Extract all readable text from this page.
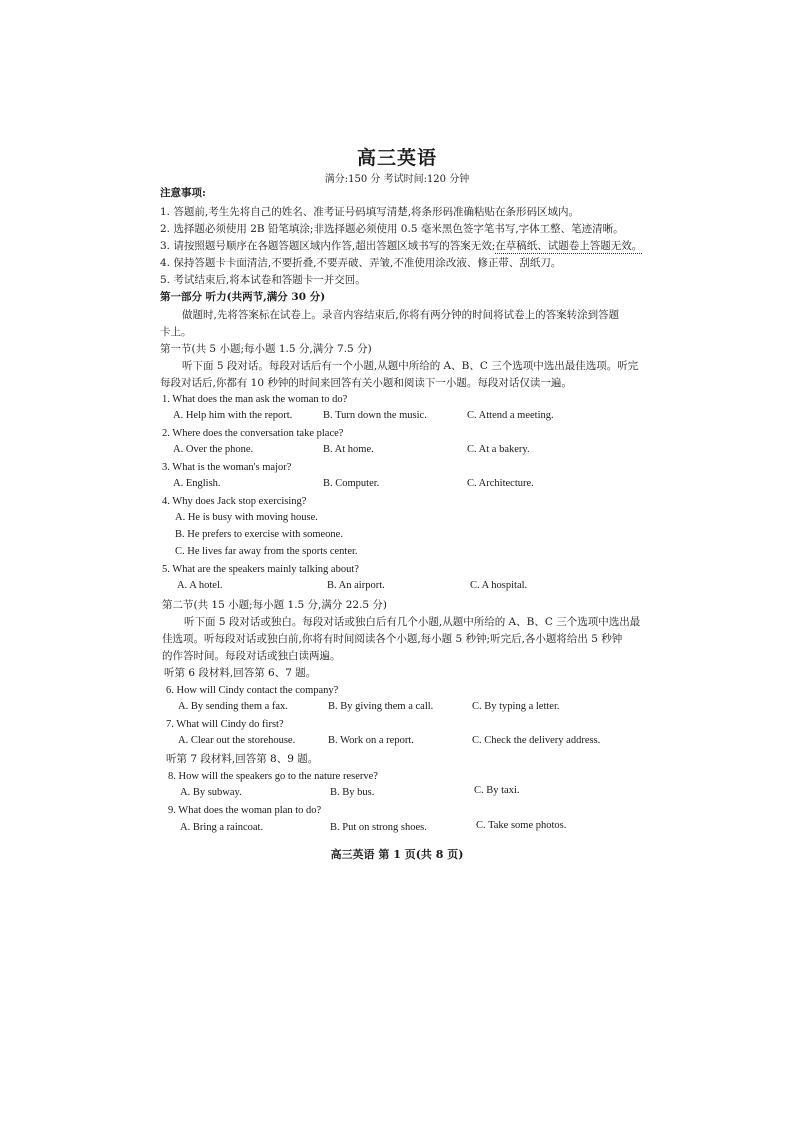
高三英语
满分:150 分 考试时间:120 分钟
注意事项:
1. 答题前,考生先将自己的姓名、准考证号码填写清楚,将条形码准确粘贴在条形码区域内。
2. 选择题必须使用 2B 铅笔填涂;非选择题必须使用 0.5 毫米黑色签字笔书写,字体工整、笔迹清晰。
3. 请按照题号顺序在各题答题区域内作答,超出答题区域书写的答案无效;在草稿纸、试题卷上答题无效。
4. 保持答题卡卡面清洁,不要折叠,不要弄破、弄皱,不准使用涂改液、修正带、刮纸刀。
5. 考试结束后,将本试卷和答题卡一并交回。
第一部分 听力(共两节,满分 30 分)
做题时,先将答案标在试卷上。录音内容结束后,你将有两分钟的时间将试卷上的答案转涂到答题
卡上。
第一节(共 5 小题;每小题 1.5 分,满分 7.5 分)
听下面 5 段对话。每段对话后有一个小题,从题中所给的 A、B、C 三个选项中选出最佳选项。听完
每段对话后,你都有 10 秒钟的时间来回答有关小题和阅读下一小题。每段对话仅读一遍。
1. What does the man ask the woman to do?
A. Help him with the report.	B. Turn down the music.	C. Attend a meeting.
2. Where does the conversation take place?
A. Over the phone.	B. At home.	C. At a bakery.
3. What is the woman's major?
A. English.	B. Computer.	C. Architecture.
4. Why does Jack stop exercising?
A. He is busy with moving house.
B. He prefers to exercise with someone.
C. He lives far away from the sports center.
5. What are the speakers mainly talking about?
A. A hotel.	B. An airport.	C. A hospital.
第二节(共 15 小题;每小题 1.5 分,满分 22.5 分)
听下面 5 段对话或独白。每段对话或独白后有几个小题,从题中所给的 A、B、C 三个选项中选出最
佳选项。听每段对话或独白前,你将有时间阅读各个小题,每小题 5 秒钟;听完后,各小题将给出 5 秒钟
的作答时间。每段对话或独白读两遍。
听第 6 段材料,回答第 6、7 题。
6. How will Cindy contact the company?
A. By sending them a fax.	B. By giving them a call.	C. By typing a letter.
7. What will Cindy do first?
A. Clear out the storehouse.	B. Work on a report.	C. Check the delivery address.
听第 7 段材料,回答第 8、9 题。
8. How will the speakers go to the nature reserve?
A. By subway.	B. By bus.	C. By taxi.
9. What does the woman plan to do?
A. Bring a raincoat.	B. Put on strong shoes.	C. Take some photos.
高三英语 第 1 页(共 8 页)
